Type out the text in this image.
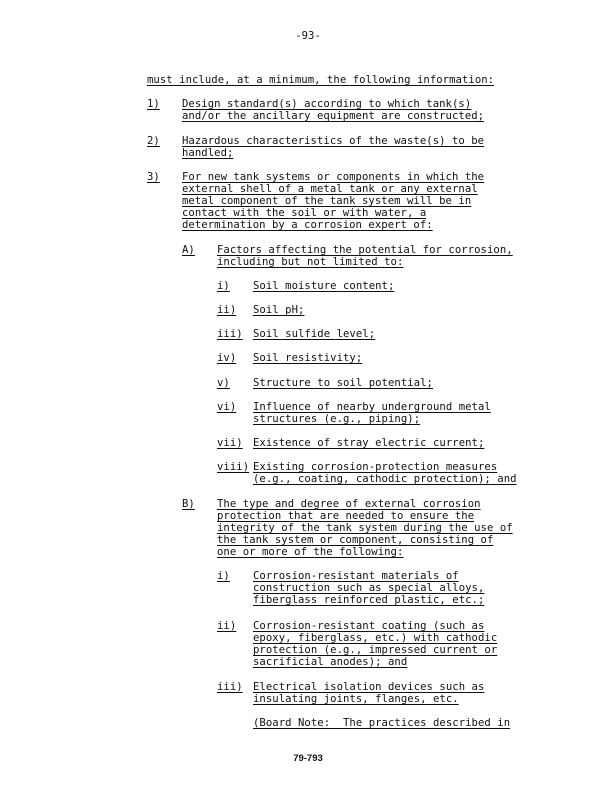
-93-
must include, at a minimum, the following information:
1) Design standard(s) according to which tank(s)
and/or the ancillary equipment are constructed;
2) Hazardous characteristics of the waste(s) to be
handled;
3) For new tank systems or components in which the
external shell of a metal tank or any external
metal component of the tank system will be in
contact with the soil or with water, a
determination by a corrosion expert of:
A) Factors affecting the potential for corrosion,
including but not limited to:
i) Soil moisture content;
ii) Soil pH;
iii) Soil sulfide level;
iv) Soil resistivity;
v) Structure to soil potential;
vi) Influence of nearby underground metal
structures (e.g., piping);
vii) Existence of stray electric current;
viii) Existing corrosion-protection measures
(e.g., coating, cathodic protection); and
B) The type and degree of external corrosion
protection that are needed to ensure the
integrity of the tank system during the use of
the tank system or component, consisting of
one or more of the following:
i) Corrosion-resistant materials of
construction such as special alloys,
fiberglass reinforced plastic, etc.;
ii) Corrosion-resistant coating (such as
epoxy, fiberglass, etc.) with cathodic
protection (e.g., impressed current or
sacrificial anodes); and
iii) Electrical isolation devices such as
insulating joints, flanges, etc.
(Board Note:  The practices described in
79-793
